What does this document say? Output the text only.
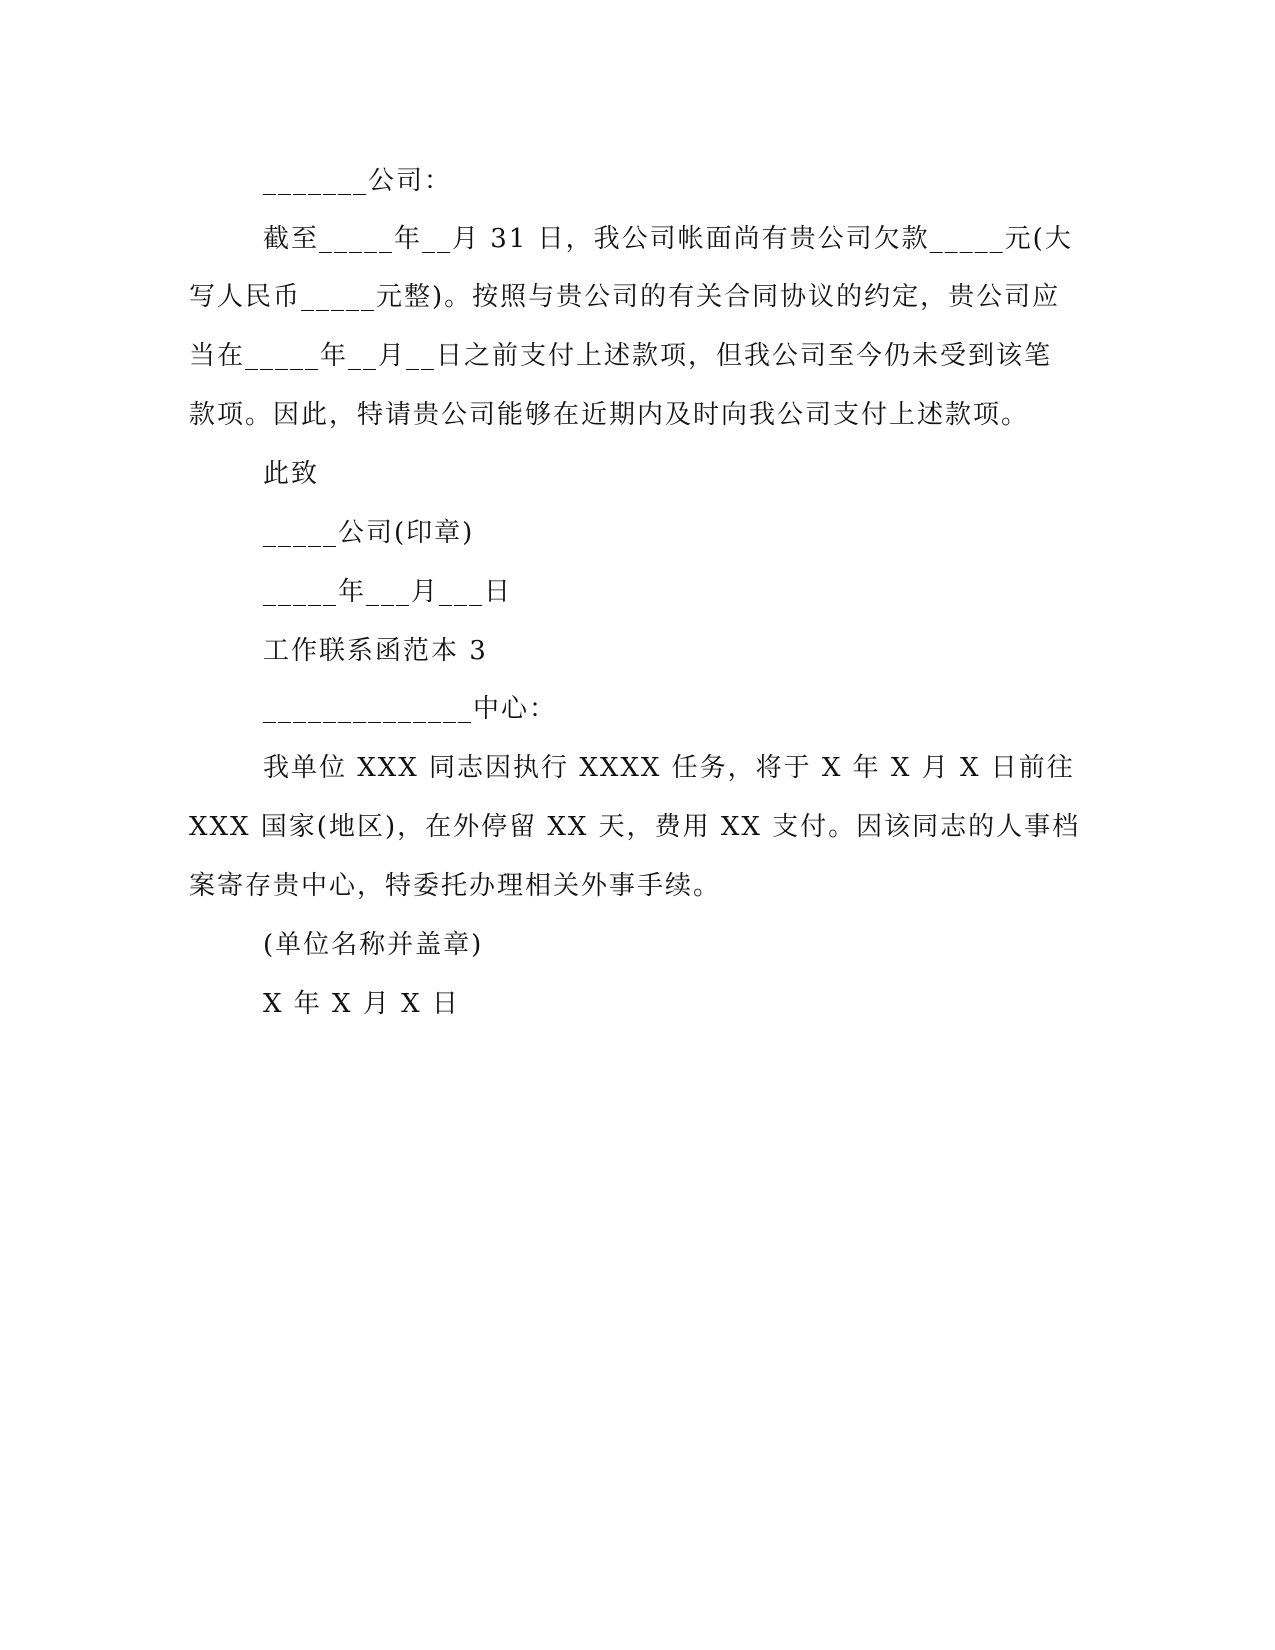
_______公司：
截至_____年__月 31 日，我公司帐面尚有贵公司欠款_____元(大
写人民币_____元整)。按照与贵公司的有关合同协议的约定，贵公司应
当在_____年__月__日之前支付上述款项，但我公司至今仍未受到该笔
款项。因此，特请贵公司能够在近期内及时向我公司支付上述款项。
此致
_____公司(印章)
_____年___月___日
工作联系函范本 3
______________中心：
我单位 XXX 同志因执行 XXXX 任务，将于 X 年 X 月 X 日前往
XXX 国家(地区)，在外停留 XX 天，费用 XX 支付。因该同志的人事档
案寄存贵中心，特委托办理相关外事手续。
(单位名称并盖章)
X 年 X 月 X 日
